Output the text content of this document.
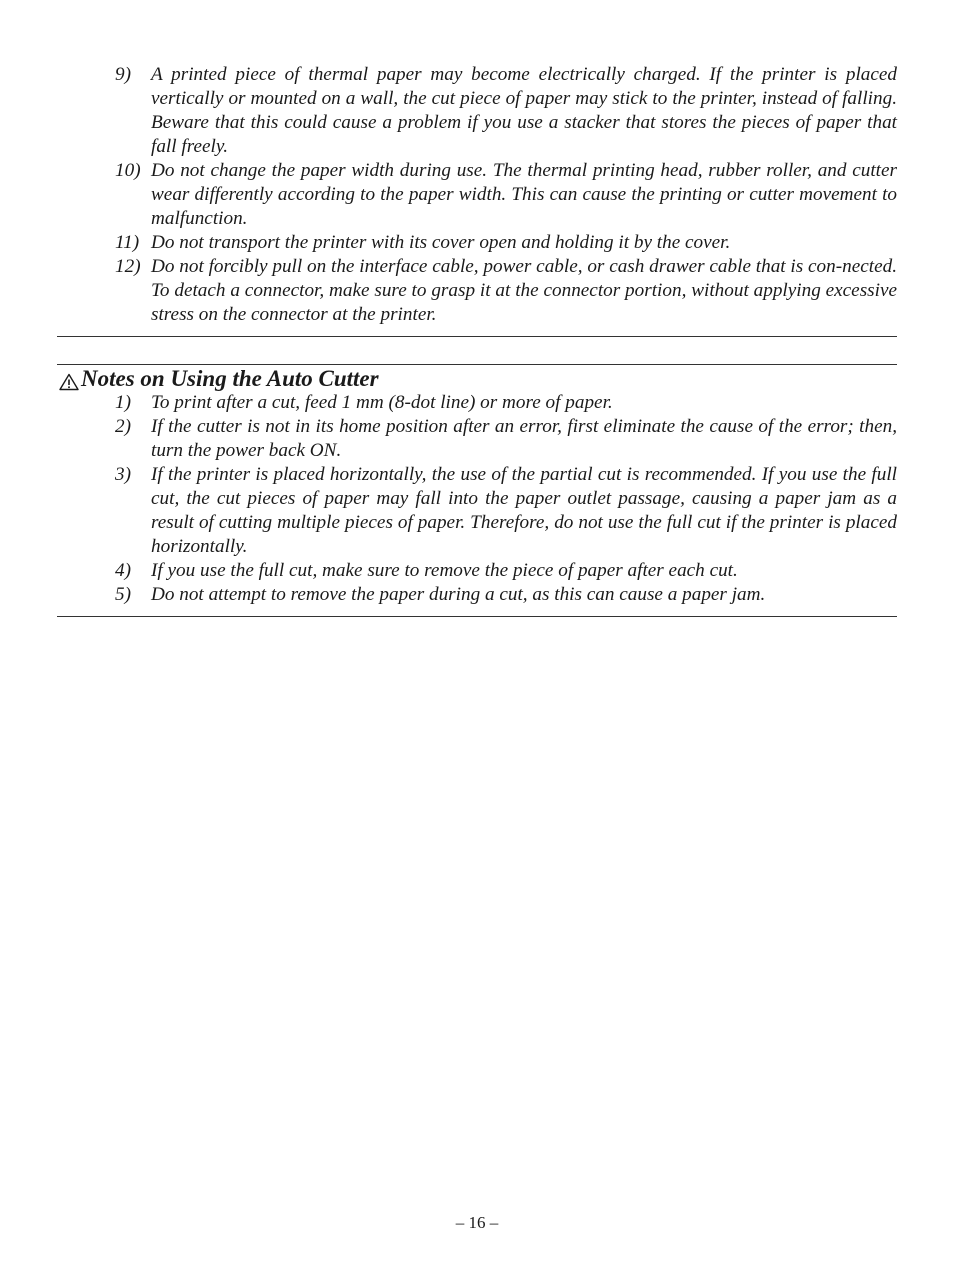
9) A printed piece of thermal paper may become electrically charged. If the printer is placed vertically or mounted on a wall, the cut piece of paper may stick to the printer, instead of falling. Beware that this could cause a problem if you use a stacker that stores the pieces of paper that fall freely.
10) Do not change the paper width during use. The thermal printing head, rubber roller, and cutter wear differently according to the paper width. This can cause the printing or cutter movement to malfunction.
11) Do not transport the printer with its cover open and holding it by the cover.
12) Do not forcibly pull on the interface cable, power cable, or cash drawer cable that is con-nected. To detach a connector, make sure to grasp it at the connector portion, without applying excessive stress on the connector at the printer.
Notes on Using the Auto Cutter
1) To print after a cut, feed 1 mm (8-dot line) or more of paper.
2) If the cutter is not in its home position after an error, first eliminate the cause of the error; then, turn the power back ON.
3) If the printer is placed horizontally, the use of the partial cut is recommended. If you use the full cut, the cut pieces of paper may fall into the paper outlet passage, causing a paper jam as a result of cutting multiple pieces of paper. Therefore, do not use the full cut if the printer is placed horizontally.
4) If you use the full cut, make sure to remove the piece of paper after each cut.
5) Do not attempt to remove the paper during a cut, as this can cause a paper jam.
– 16 –
